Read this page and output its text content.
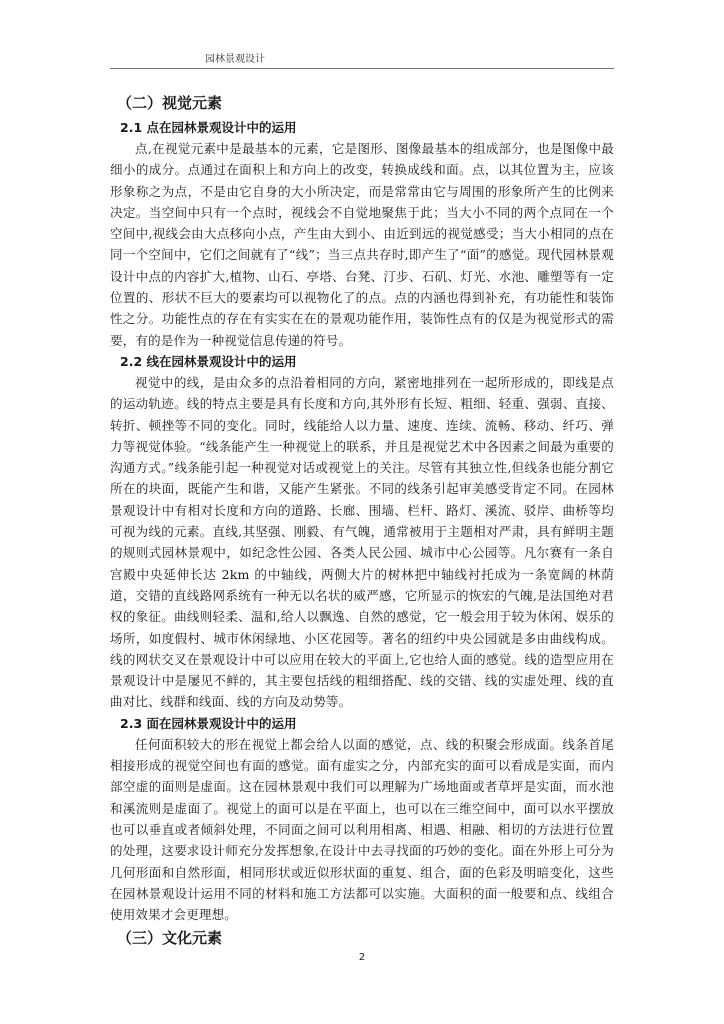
园林景观设计
（二）视觉元素
2.1 点在园林景观设计中的运用

点,在视觉元素中是最基本的元素，它是图形、图像最基本的组成部分，也是图像中最细小的成分。点通过在面积上和方向上的改变，转换成线和面。点，以其位置为主，应该形象称之为点，不是由它自身的大小所决定，而是常常由它与周围的形象所产生的比例来决定。当空间中只有一个点时，视线会不自觉地聚焦于此；当大小不同的两个点同在一个空间中,视线会由大点移向小点，产生由大到小、由近到远的视觉感受；当大小相同的点在同一个空间中，它们之间就有了“线”；当三点共存时,即产生了“面”的感觉。现代园林景观设计中点的内容扩大,植物、山石、亭塔、台凳、汀步、石矶、灯光、水池、雕塑等有一定位置的、形状不巨大的要素均可以视物化了的点。点的内涵也得到补充，有功能性和装饰性之分。功能性点的存在有实实在在的景观功能作用，装饰性点有的仅是为视觉形式的需要，有的是作为一种视觉信息传递的符号。

2.2 线在园林景观设计中的运用

视觉中的线，是由众多的点沿着相同的方向，紧密地排列在一起所形成的，即线是点的运动轨迹。线的特点主要是具有长度和方向,其外形有长短、粗细、轻重、强弱、直接、转折、顿挫等不同的变化。同时，线能给人以力量、速度、连续、流畅、移动、纤巧、弹力等视觉体验。“线条能产生一种视觉上的联系，并且是视觉艺术中各因素之间最为重要的沟通方式。”线条能引起一种视觉对话或视觉上的关注。尽管有其独立性,但线条也能分割它所在的块面，既能产生和谐，又能产生紧张。不同的线条引起审美感受肯定不同。在园林景观设计中有相对长度和方向的道路、长廊、围墙、栏杆、路灯、溪流、驳岸、曲桥等均可视为线的元素。直线,其坚强、刚毅、有气魄，通常被用于主题相对严肃，具有鲜明主题的规则式园林景观中，如纪念性公园、各类人民公园、城市中心公园等。凡尔赛有一条自宫殿中央延伸长达 2km 的中轴线，两侧大片的树林把中轴线衬托成为一条宽阔的林荫道，交错的直线路网系统有一种无以名状的威严感，它所显示的恢宏的气魄,是法国绝对君权的象征。曲线则轻柔、温和,给人以飘逸、自然的感觉，它一般会用于较为休闲、娱乐的场所，如度假村、城市休闲绿地、小区花园等。著名的纽约中央公园就是多由曲线构成。线的网状交叉在景观设计中可以应用在较大的平面上,它也给人面的感觉。线的造型应用在景观设计中是屡见不鲜的，其主要包括线的粗细搭配、线的交错、线的实虚处理、线的直曲对比、线群和线面、线的方向及动势等。

2.3 面在园林景观设计中的运用

任何面积较大的形在视觉上都会给人以面的感觉，点、线的积聚会形成面。线条首尾相接形成的视觉空间也有面的感觉。面有虚实之分，内部充实的面可以看成是实面，而内部空虚的面则是虚面。这在园林景观中我们可以理解为广场地面或者草坪是实面，而水池和溪流则是虚面了。视觉上的面可以是在平面上，也可以在三维空间中，面可以水平摆放也可以垂直或者倾斜处理，不同面之间可以利用相离、相遇、相融、相切的方法进行位置的处理，这要求设计师充分发挥想象,在设计中去寻找面的巧妙的变化。面在外形上可分为几何形面和自然形面，相同形状或近似形状面的重复、组合，面的色彩及明暗变化，这些在园林景观设计运用不同的材料和施工方法都可以实施。大面积的面一般要和点、线组合使用效果才会更理想。

（三）文化元素
2
